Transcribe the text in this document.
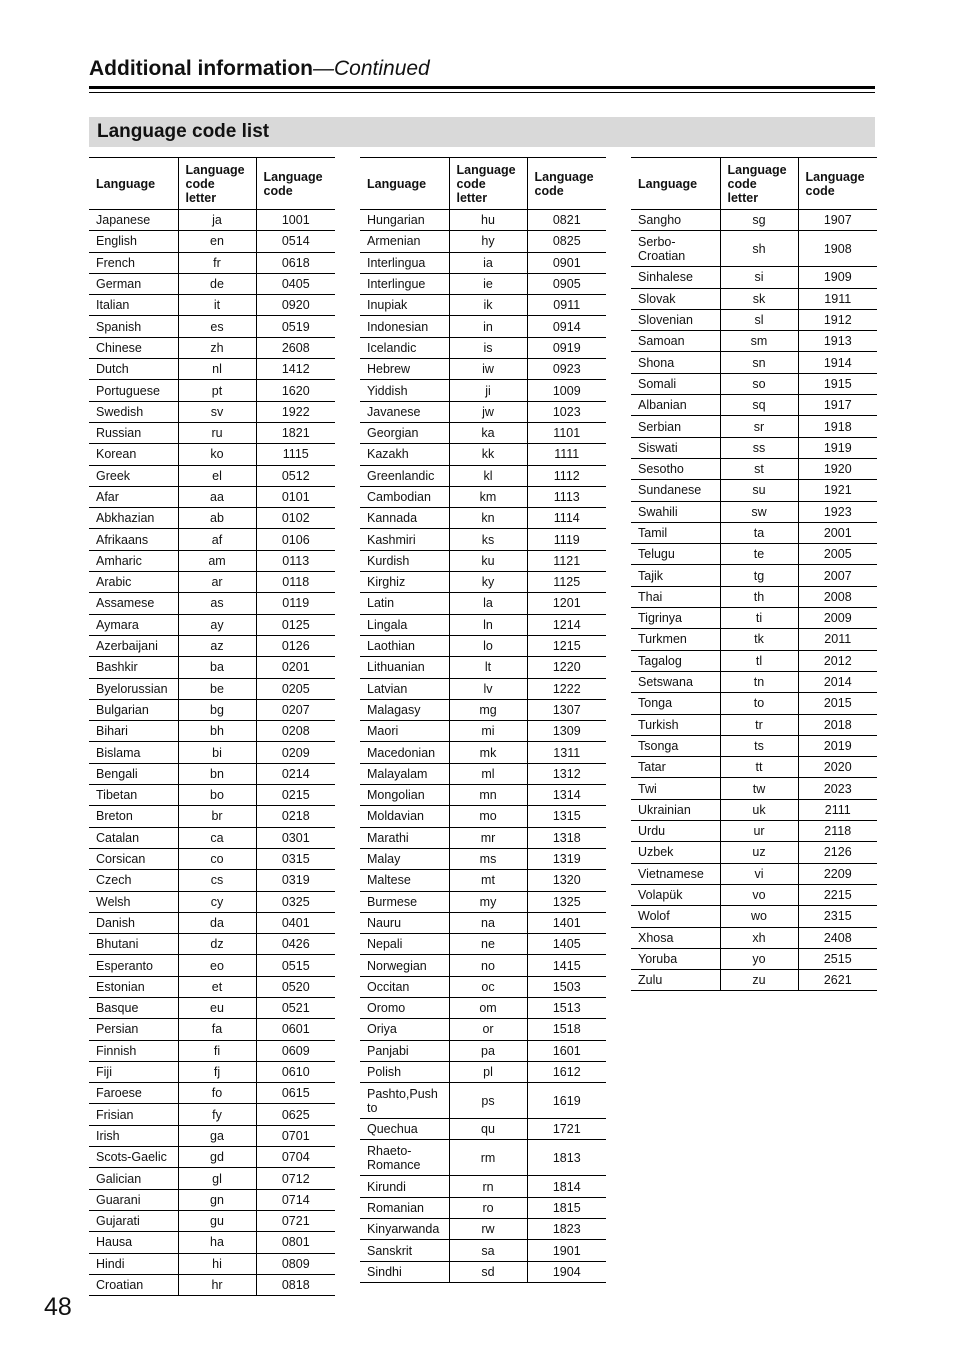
Additional information—Continued
Language code list
Language	Language code letter	Language code
Japanese	ja	1001
English	en	0514
French	fr	0618
German	de	0405
Italian	it	0920
Spanish	es	0519
Chinese	zh	2608
Dutch	nl	1412
Portuguese	pt	1620
Swedish	sv	1922
Russian	ru	1821
Korean	ko	1115
Greek	el	0512
Afar	aa	0101
Abkhazian	ab	0102
Afrikaans	af	0106
Amharic	am	0113
Arabic	ar	0118
Assamese	as	0119
Aymara	ay	0125
Azerbaijani	az	0126
Bashkir	ba	0201
Byelorussian	be	0205
Bulgarian	bg	0207
Bihari	bh	0208
Bislama	bi	0209
Bengali	bn	0214
Tibetan	bo	0215
Breton	br	0218
Catalan	ca	0301
Corsican	co	0315
Czech	cs	0319
Welsh	cy	0325
Danish	da	0401
Bhutani	dz	0426
Esperanto	eo	0515
Estonian	et	0520
Basque	eu	0521
Persian	fa	0601
Finnish	fi	0609
Fiji	fj	0610
Faroese	fo	0615
Frisian	fy	0625
Irish	ga	0701
Scots-Gaelic	gd	0704
Galician	gl	0712
Guarani	gn	0714
Gujarati	gu	0721
Hausa	ha	0801
Hindi	hi	0809
Croatian	hr	0818
Language	Language code letter	Language code
Hungarian	hu	0821
Armenian	hy	0825
Interlingua	ia	0901
Interlingue	ie	0905
Inupiak	ik	0911
Indonesian	in	0914
Icelandic	is	0919
Hebrew	iw	0923
Yiddish	ji	1009
Javanese	jw	1023
Georgian	ka	1101
Kazakh	kk	1111
Greenlandic	kl	1112
Cambodian	km	1113
Kannada	kn	1114
Kashmiri	ks	1119
Kurdish	ku	1121
Kirghiz	ky	1125
Latin	la	1201
Lingala	ln	1214
Laothian	lo	1215
Lithuanian	lt	1220
Latvian	lv	1222
Malagasy	mg	1307
Maori	mi	1309
Macedonian	mk	1311
Malayalam	ml	1312
Mongolian	mn	1314
Moldavian	mo	1315
Marathi	mr	1318
Malay	ms	1319
Maltese	mt	1320
Burmese	my	1325
Nauru	na	1401
Nepali	ne	1405
Norwegian	no	1415
Occitan	oc	1503
Oromo	om	1513
Oriya	or	1518
Panjabi	pa	1601
Polish	pl	1612
Pashto,Push to	ps	1619
Quechua	qu	1721
Rhaeto-Romance	rm	1813
Kirundi	rn	1814
Romanian	ro	1815
Kinyarwanda	rw	1823
Sanskrit	sa	1901
Sindhi	sd	1904
Language	Language code letter	Language code
Sangho	sg	1907
Serbo-Croatian	sh	1908
Sinhalese	si	1909
Slovak	sk	1911
Slovenian	sl	1912
Samoan	sm	1913
Shona	sn	1914
Somali	so	1915
Albanian	sq	1917
Serbian	sr	1918
Siswati	ss	1919
Sesotho	st	1920
Sundanese	su	1921
Swahili	sw	1923
Tamil	ta	2001
Telugu	te	2005
Tajik	tg	2007
Thai	th	2008
Tigrinya	ti	2009
Turkmen	tk	2011
Tagalog	tl	2012
Setswana	tn	2014
Tonga	to	2015
Turkish	tr	2018
Tsonga	ts	2019
Tatar	tt	2020
Twi	tw	2023
Ukrainian	uk	2111
Urdu	ur	2118
Uzbek	uz	2126
Vietnamese	vi	2209
Volapük	vo	2215
Wolof	wo	2315
Xhosa	xh	2408
Yoruba	yo	2515
Zulu	zu	2621
48
